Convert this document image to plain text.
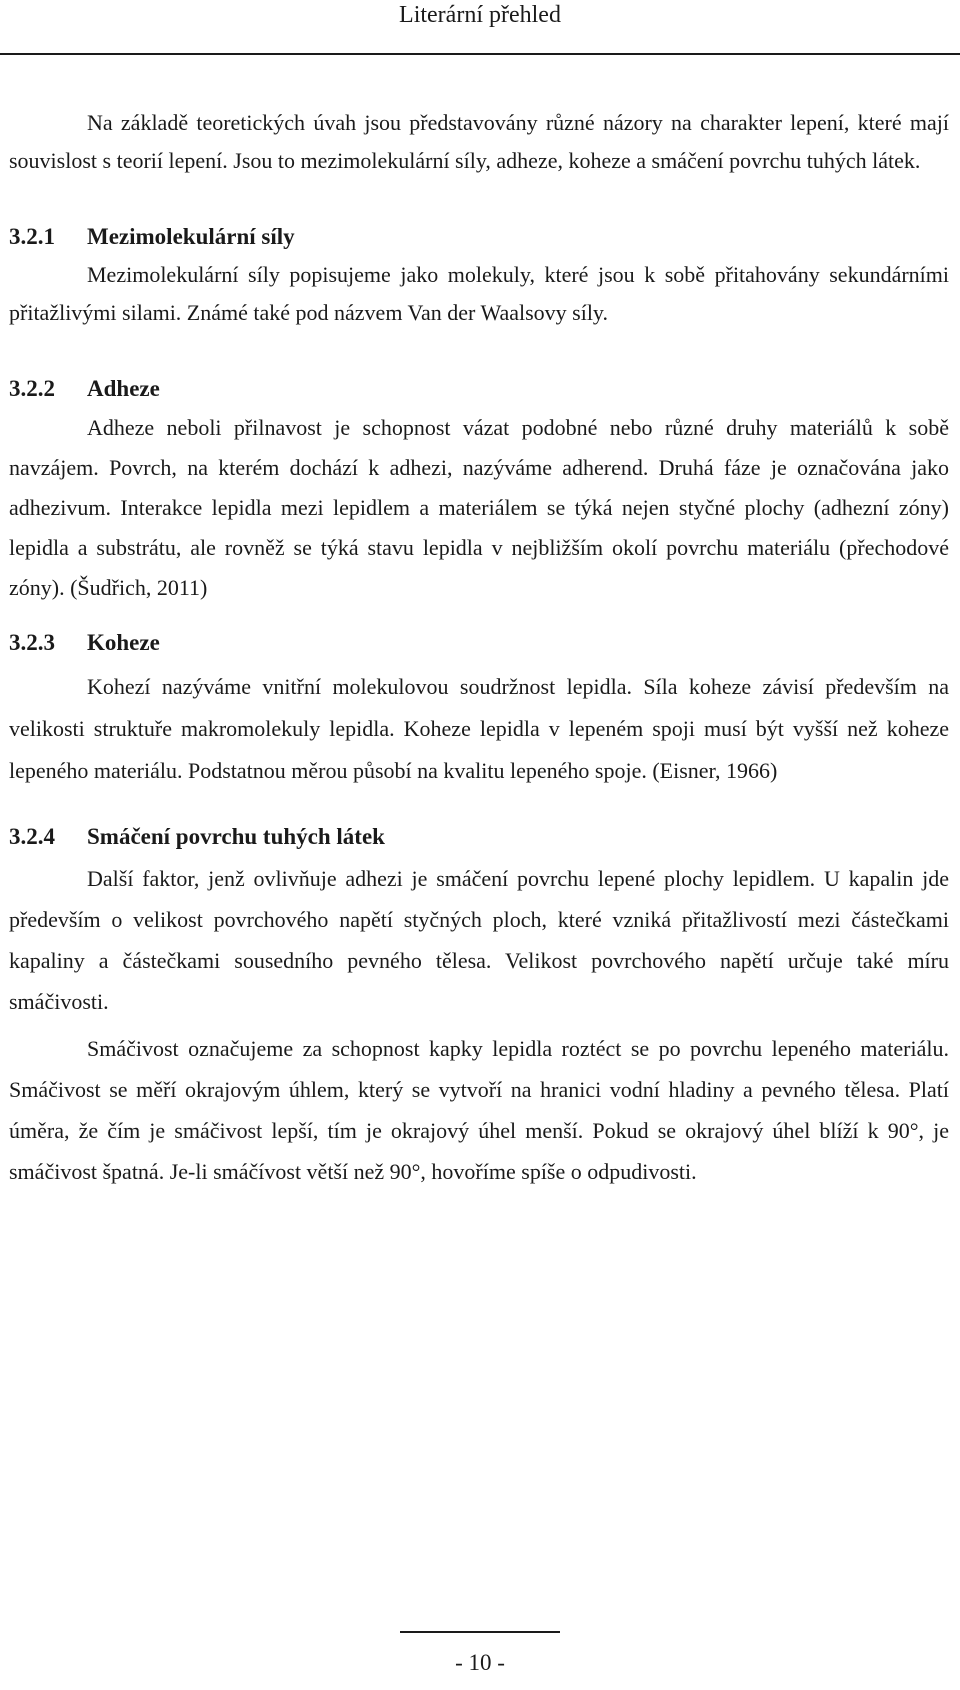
Literární přehled

Na základě teoretických úvah jsou představovány různé názory na charakter lepení, které mají souvislost s teorií lepení. Jsou to mezimolekulární síly, adheze, koheze a smáčení povrchu tuhých látek.

3.2.1 Mezimolekulární síly

Mezimolekulární síly popisujeme jako molekuly, které jsou k sobě přitahovány sekundárními přitažlivými silami. Známé také pod názvem Van der Waalsovy síly.

3.2.2 Adheze

Adheze neboli přilnavost je schopnost vázat podobné nebo různé druhy materiálů k sobě navzájem. Povrch, na kterém dochází k adhezi, nazýváme adherend. Druhá fáze je označována jako adhezivum. Interakce lepidla mezi lepidlem a materiálem se týká nejen styčné plochy (adhezní zóny) lepidla a substrátu, ale rovněž se týká stavu lepidla v nejbližším okolí povrchu materiálu (přechodové zóny). (Šudřich, 2011)

3.2.3 Koheze

Kohezí nazýváme vnitřní molekulovou soudržnost lepidla. Síla koheze závisí především na velikosti struktuře makromolekuly lepidla. Koheze lepidla v lepeném spoji musí být vyšší než koheze lepeného materiálu. Podstatnou měrou působí na kvalitu lepeného spoje. (Eisner, 1966)

3.2.4 Smáčení povrchu tuhých látek

Další faktor, jenž ovlivňuje adhezi je smáčení povrchu lepené plochy lepidlem. U kapalin jde především o velikost povrchového napětí styčných ploch, které vzniká přitažlivostí mezi částečkami kapaliny a částečkami sousedního pevného tělesa. Velikost povrchového napětí určuje také míru smáčivosti.

Smáčivost označujeme za schopnost kapky lepidla roztéct se po povrchu lepeného materiálu. Smáčivost se měří okrajovým úhlem, který se vytvoří na hranici vodní hladiny a pevného tělesa. Platí úměra, že čím je smáčivost lepší, tím je okrajový úhel menší. Pokud se okrajový úhel blíží k 90°, je smáčivost špatná. Je-li smáčívost větší než 90°, hovoříme spíše o odpudivosti.

- 10 -
